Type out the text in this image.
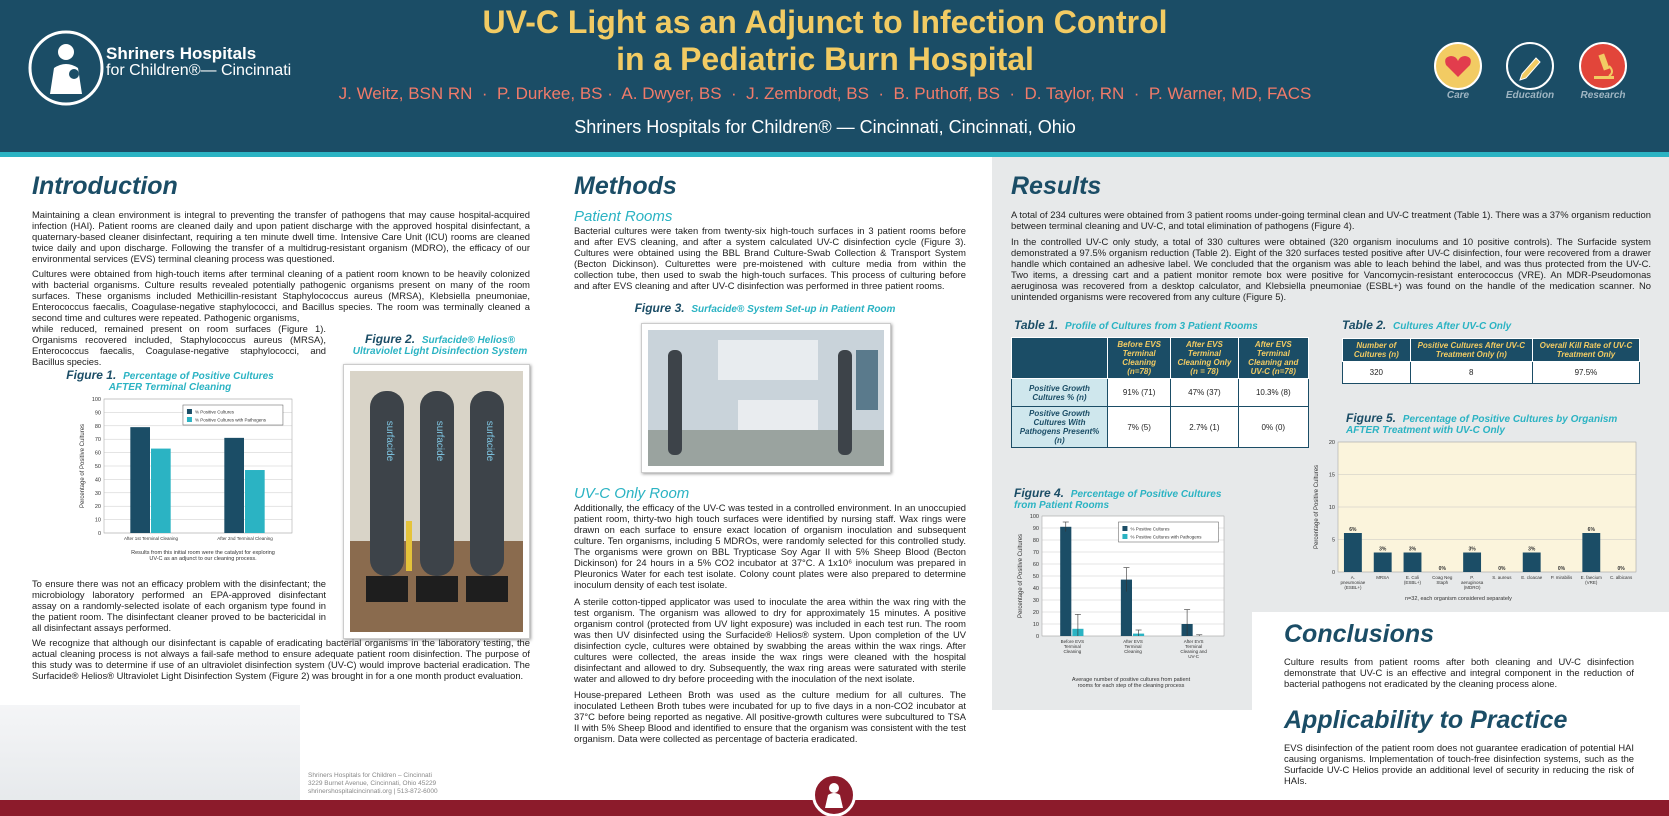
Shriners Hospitals
for Children®— Cincinnati
UV-C Light as an Adjunct to Infection Control
in a Pediatric Burn Hospital
J. Weitz, BSN RN  ·  P. Durkee, BS ·  A. Dwyer, BS  ·  J. Zembrodt, BS  ·  B. Puthoff, BS  ·  D. Taylor, RN  ·  P. Warner, MD, FACS
Shriners Hospitals for Children® — Cincinnati, Cincinnati, Ohio
Care	Education	Research
Introduction
Maintaining a clean environment is integral to preventing the transfer of pathogens that may cause hospital-acquired infection (HAI). Patient rooms are cleaned daily and upon patient discharge with the approved hospital disinfectant, a quaternary-based cleaner disinfectant, requiring a ten minute dwell time. Intensive Care Unit (ICU) rooms are cleaned twice daily and upon discharge. Following the transfer of a multidrug-resistant organism (MDRO), the efficacy of our environmental services (EVS) terminal cleaning process was questioned.
Cultures were obtained from high-touch items after terminal cleaning of a patient room known to be heavily colonized with bacterial organisms. Culture results revealed potentially pathogenic organisms present on many of the room surfaces. These organisms included Methicillin-resistant Staphylococcus aureus (MRSA), Klebsiella pneumoniae, Enterococcus faecalis, Coagulase-negative staphylococci, and Bacillus species. The room was terminally cleaned a second time and cultures were repeated. Pathogenic organisms,
while reduced, remained present on room surfaces (Figure 1). Organisms recovered included, Staphylococcus aureus (MRSA), Enterococcus faecalis, Coagulase-negative staphylococci, and Bacillus species.
Figure 1. Percentage of Positive Cultures AFTER Terminal Cleaning
0
10
20
30
40
50
60
70
80
90
100
Percentage of Positive Cultures
After 1st Terminal Cleaning	After 2nd Terminal Cleaning
% Positive Cultures
% Positive Cultures with Pathogens
Results from this initial room were the catalyst for exploring UV-C as an adjunct to our cleaning process.
Figure 2. Surfacide® Helios® Ultraviolet Light Disinfection System
surfacide	surfacide	surfacide
To ensure there was not an efficacy problem with the disinfectant; the microbiology laboratory performed an EPA-approved disinfectant assay on a randomly-selected isolate of each organism type found in the patient room. The disinfectant cleaner proved to be bactericidal in all disinfectant assays performed.
We recognize that although our disinfectant is capable of eradicating bacterial organisms in the laboratory testing, the actual cleaning process is not always a fail-safe method to ensure adequate patient room disinfection. The purpose of this study was to determine if use of an ultraviolet disinfection system (UV-C) would improve bacterial eradication. The Surfacide® Helios® Ultraviolet Light Disinfection System (Figure 2) was brought in for a one month product evaluation.
Methods
Patient Rooms
Bacterial cultures were taken from twenty-six high-touch surfaces in 3 patient rooms before and after EVS cleaning, and after a system calculated UV-C disinfection cycle (Figure 3). Cultures were obtained using the BBL Brand Culture-Swab Collection & Transport System (Becton Dickinson). Culturettes were pre-moistened with culture media from within the collection tube, then used to swab the high-touch surfaces. This process of culturing before and after EVS cleaning and after UV-C disinfection was performed in three patient rooms.
Figure 3. Surfacide® System Set-up in Patient Room
UV-C Only Room
Additionally, the efficacy of the UV-C was tested in a controlled environment. In an unoccupied patient room, thirty-two high touch surfaces were identified by nursing staff. Wax rings were drawn on each surface to ensure exact location of organism inoculation and subsequent culture. Ten organisms, including 5 MDROs, were randomly selected for this controlled study. The organisms were grown on BBL Trypticase Soy Agar II with 5% Sheep Blood (Becton Dickinson) for 24 hours in a 5% CO2 incubator at 37°C. A 1x10⁶ inoculum was prepared in Pleuronics Water for each test isolate. Colony count plates were also prepared to determine inoculum density of each test isolate.
A sterile cotton-tipped applicator was used to inoculate the area within the wax ring with the test organism. The organism was allowed to dry for approximately 15 minutes. A positive organism control (protected from UV light exposure) was included in each test run. The room was then UV disinfected using the Surfacide® Helios® system. Upon completion of the UV disinfection cycle, cultures were obtained by swabbing the areas within the wax rings. After cultures were collected, the areas inside the wax rings were cleaned with the hospital disinfectant and allowed to dry. Subsequently, the wax ring areas were saturated with sterile water and allowed to dry before proceeding with the inoculation of the next isolate.
House-prepared Letheen Broth was used as the culture medium for all cultures. The inoculated Letheen Broth tubes were incubated for up to five days in a non-CO2 incubator at 37°C before being reported as negative. All positive-growth cultures were subcultured to TSA II with 5% Sheep Blood and identified to ensure that the organism was consistent with the test organism. Data were collected as percentage of bacteria eradicated.
Results
A total of 234 cultures were obtained from 3 patient rooms under-going terminal clean and UV-C treatment (Table 1). There was a 37% organism reduction between terminal cleaning and UV-C, and total elimination of pathogens (Figure 4).
In the controlled UV-C only study, a total of 330 cultures were obtained (320 organism inoculums and 10 positive controls). The Surfacide system demonstrated a 97.5% organism reduction (Table 2). Eight of the 320 surfaces tested positive after UV-C disinfection, four were recovered from a drawer handle which contained an adhesive label. We concluded that the organism was able to leach behind the label, and was thus protected from the UV-C. Two items, a dressing cart and a patient monitor remote box were positive for Vancomycin-resistant enterococcus (VRE). An MDR-Pseudomonas aeruginosa was recovered from a desktop calculator, and Klebsiella pneumoniae (ESBL+) was found on the handle of the medication scanner. No unintended organisms were recovered from any culture (Figure 5).
Table 1. Profile of Cultures from 3 Patient Rooms
	Before EVS Terminal Cleaning (n=78)	After EVS Terminal Cleaning Only (n = 78)	After EVS Terminal Cleaning and UV-C (n=78)
Positive Growth Cultures % (n)	91% (71)	47% (37)	10.3% (8)
Positive Growth Cultures With Pathogens Present% (n)	7% (5)	2.7% (1)	0% (0)
Table 2. Cultures After UV-C Only
Number of Cultures (n)	Positive Cultures After UV-C Treatment Only (n)	Overall Kill Rate of UV-C Treatment Only
320	8	97.5%
Figure 4. Percentage of Positive Cultures from Patient Rooms
0
10
20
30
40
50
60
70
80
90
100
Percentage of Positive Cultures
Before EVS
Terminal
Cleaning
After EVS
Terminal
Cleaning
After EVS
Terminal
Cleaning and
UV-C
% Positive Cultures
% Positive Cultures with Pathogens
Average number of positive cultures from patient rooms for each step of the cleaning process
Figure 5. Percentage of Positive Cultures by Organism AFTER Treatment with UV-C Only
0
5
10
15
20
Percentage of Positive Cultures	6%
A.
pneumoniae
(ESBL+)
3%
MRSA
3%
E. Coli
(ESBL+)
0%
Coag Neg
Staph
3%
P.
aeruginosa
(MDRO)
0%
S. aureus
3%
E. cloacae
0%
P. mirabilis
6%
E. faecium
(VRE)
0%
C. albicans
n=32, each organism considered separately
Conclusions
Culture results from patient rooms after both cleaning and UV-C disinfection demonstrate that UV-C is an effective and integral component in the reduction of bacterial pathogens not eradicated by the cleaning process alone.
Applicability to Practice
EVS disinfection of the patient room does not guarantee eradication of potential HAI causing organisms. Implementation of touch-free disinfection systems, such as the Surfacide UV-C Helios provide an additional level of security in reducing the risk of HAIs.
Shriners Hospitals for Children – Cincinnati
3229 Burnet Avenue, Cincinnati, Ohio 45229
shrinershospitalcincinnati.org | 513-872-6000
